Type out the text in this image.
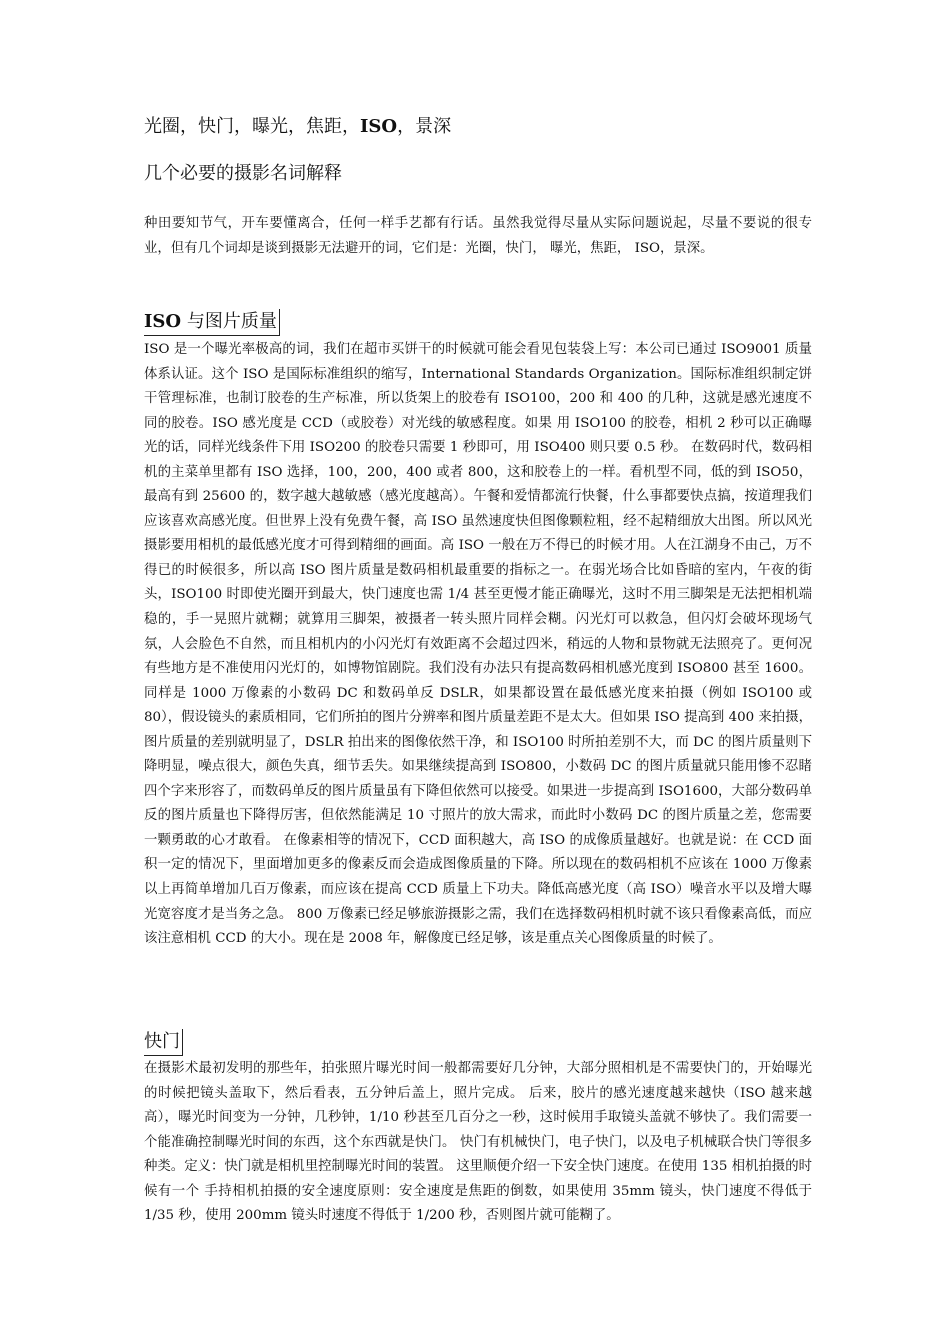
光圈，快门，曝光，焦距，ISO，景深
几个必要的摄影名词解释
种田要知节气，开车要懂离合，任何一样手艺都有行话。虽然我觉得尽量从实际问题说起，尽量不要说的很专业，但有几个词却是谈到摄影无法避开的词，它们是：光圈，快门， 曝光，焦距， ISO，景深。
ISO 与图片质量
ISO 是一个曝光率极高的词，我们在超市买饼干的时候就可能会看见包装袋上写：本公司已通过 ISO9001 质量体系认证。这个 ISO 是国际标准组织的缩写，International Standards Organization。国际标准组织制定饼干管理标准，也制订胶卷的生产标准，所以货架上的胶卷有 ISO100，200 和 400 的几种，这就是感光速度不同的胶卷。ISO 感光度是 CCD（或胶卷）对光线的敏感程度。如果 用 ISO100 的胶卷，相机 2 秒可以正确曝光的话，同样光线条件下用 ISO200 的胶卷只需要 1 秒即可，用 ISO400 则只要 0.5 秒。 在数码时代，数码相机的主菜单里都有 ISO 选择，100，200，400 或者 800，这和胶卷上的一样。看机型不同，低的到 ISO50，最高有到 25600 的，数字越大越敏感（感光度越高）。午餐和爱情都流行快餐，什么事都要快点搞，按道理我们应该喜欢高感光度。但世界上没有免费午餐，高 ISO 虽然速度快但图像颗粒粗，经不起精细放大出图。所以风光摄影要用相机的最低感光度才可得到精细的画面。高 ISO 一般在万不得已的时候才用。人在江湖身不由己，万不得已的时候很多，所以高 ISO 图片质量是数码相机最重要的指标之一。在弱光场合比如昏暗的室内，午夜的街头，ISO100 时即使光圈开到最大，快门速度也需 1/4 甚至更慢才能正确曝光，这时不用三脚架是无法把相机端稳的，手一晃照片就糊；就算用三脚架，被摄者一转头照片同样会糊。闪光灯可以救急，但闪灯会破坏现场气氛，人会脸色不自然，而且相机内的小闪光灯有效距离不会超过四米，稍远的人物和景物就无法照亮了。更何况有些地方是不准使用闪光灯的，如博物馆剧院。我们没有办法只有提高数码相机感光度到 ISO800 甚至 1600。 同样是 1000 万像素的小数码 DC 和数码单反 DSLR，如果都设置在最低感光度来拍摄（例如 ISO100 或 80），假设镜头的素质相同，它们所拍的图片分辨率和图片质量差距不是太大。但如果 ISO 提高到 400 来拍摄，图片质量的差别就明显了，DSLR 拍出来的图像依然干净，和 ISO100 时所拍差别不大，而 DC 的图片质量则下降明显，噪点很大，颜色失真，细节丢失。如果继续提高到 ISO800，小数码 DC 的图片质量就只能用惨不忍睹四个字来形容了，而数码单反的图片质量虽有下降但依然可以接受。如果进一步提高到 ISO1600，大部分数码单反的图片质量也下降得厉害，但依然能满足 10 寸照片的放大需求，而此时小数码 DC 的图片质量之差，您需要一颗勇敢的心才敢看。 在像素相等的情况下，CCD 面积越大，高 ISO 的成像质量越好。也就是说：在 CCD 面积一定的情况下，里面增加更多的像素反而会造成图像质量的下降。所以现在的数码相机不应该在 1000 万像素以上再简单增加几百万像素，而应该在提高 CCD 质量上下功夫。降低高感光度（高 ISO）噪音水平以及增大曝光宽容度才是当务之急。 800 万像素已经足够旅游摄影之需，我们在选择数码相机时就不该只看像素高低，而应该注意相机 CCD 的大小。现在是 2008 年，解像度已经足够，该是重点关心图像质量的时候了。
快门
在摄影术最初发明的那些年，拍张照片曝光时间一般都需要好几分钟，大部分照相机是不需要快门的，开始曝光的时候把镜头盖取下，然后看表，五分钟后盖上，照片完成。 后来，胶片的感光速度越来越快（ISO 越来越高），曝光时间变为一分钟，几秒钟，1/10 秒甚至几百分之一秒，这时候用手取镜头盖就不够快了。我们需要一个能准确控制曝光时间的东西，这个东西就是快门。 快门有机械快门，电子快门，以及电子机械联合快门等很多种类。定义：快门就是相机里控制曝光时间的装置。 这里顺便介绍一下安全快门速度。在使用 135 相机拍摄的时候有一个 手持相机拍摄的安全速度原则：安全速度是焦距的倒数，如果使用 35mm 镜头，快门速度不得低于 1/35 秒，使用 200mm 镜头时速度不得低于 1/200 秒，否则图片就可能糊了。
